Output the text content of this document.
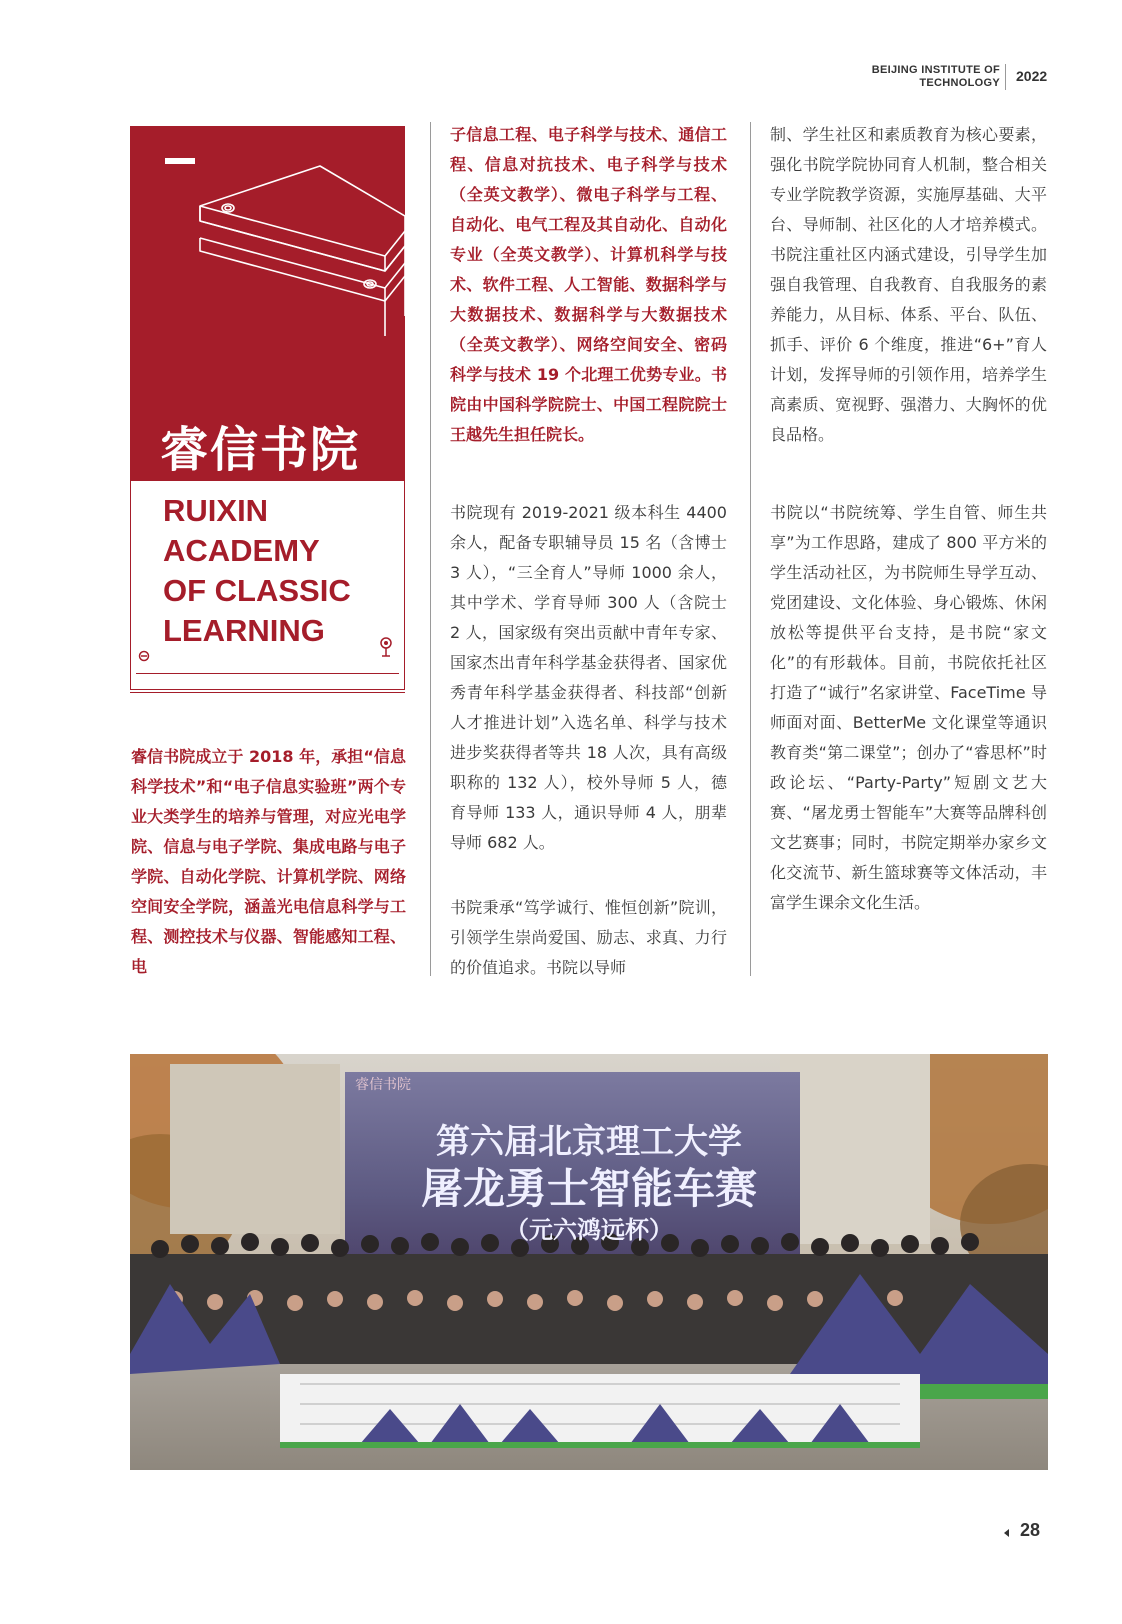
BEIJING INSTITUTE OF
TECHNOLOGY 2022
睿信书院
RUIXIN
ACADEMY
OF CLASSIC
LEARNING

睿信书院成立于 2018 年，承担“信息科学技术”和“电子信息实验班”两个专业大类学生的培养与管理，对应光电学院、信息与电子学院、集成电路与电子学院、自动化学院、计算机学院、网络空间安全学院，涵盖光电信息科学与工程、测控技术与仪器、智能感知工程、电

子信息工程、电子科学与技术、通信工程、信息对抗技术、电子科学与技术（全英文教学）、微电子科学与工程、自动化、电气工程及其自动化、自动化专业（全英文教学）、计算机科学与技术、软件工程、人工智能、数据科学与大数据技术、数据科学与大数据技术（全英文教学）、网络空间安全、密码科学与技术 19 个北理工优势专业。书院由中国科学院院士、中国工程院院士王越先生担任院长。

书院现有 2019-2021 级本科生 4400 余人，配备专职辅导员 15 名（含博士 3 人），“三全育人”导师 1000 余人，其中学术、学育导师 300 人（含院士 2 人，国家级有突出贡献中青年专家、国家杰出青年科学基金获得者、国家优秀青年科学基金获得者、科技部“创新人才推进计划”入选名单、科学与技术进步奖获得者等共 18 人次，具有高级职称的 132 人），校外导师 5 人，德育导师 133 人，通识导师 4 人，朋辈导师 682 人。

书院秉承“笃学诚行、惟恒创新”院训，引领学生崇尚爱国、励志、求真、力行的价值追求。书院以导师

制、学生社区和素质教育为核心要素，强化书院学院协同育人机制，整合相关专业学院教学资源，实施厚基础、大平台、导师制、社区化的人才培养模式。书院注重社区内涵式建设，引导学生加强自我管理、自我教育、自我服务的素养能力，从目标、体系、平台、队伍、抓手、评价 6 个维度，推进“6+”育人计划，发挥导师的引领作用，培养学生高素质、宽视野、强潜力、大胸怀的优良品格。

书院以“书院统筹、学生自管、师生共享”为工作思路，建成了 800 平方米的学生活动社区，为书院师生导学互动、党团建设、文化体验、身心锻炼、休闲放松等提供平台支持，是书院“家文化”的有形载体。目前，书院依托社区打造了“诚行”名家讲堂、FaceTime 导师面对面、BetterMe 文化课堂等通识教育类“第二课堂”；创办了“睿思杯”时政论坛、“Party-Party”短剧文艺大赛、“屠龙勇士智能车”大赛等品牌科创文艺赛事；同时，书院定期举办家乡文化交流节、新生篮球赛等文体活动，丰富学生课余文化生活。

睿信书院
第六届北京理工大学
屠龙勇士智能车赛
（元六鸿远杯）
28
